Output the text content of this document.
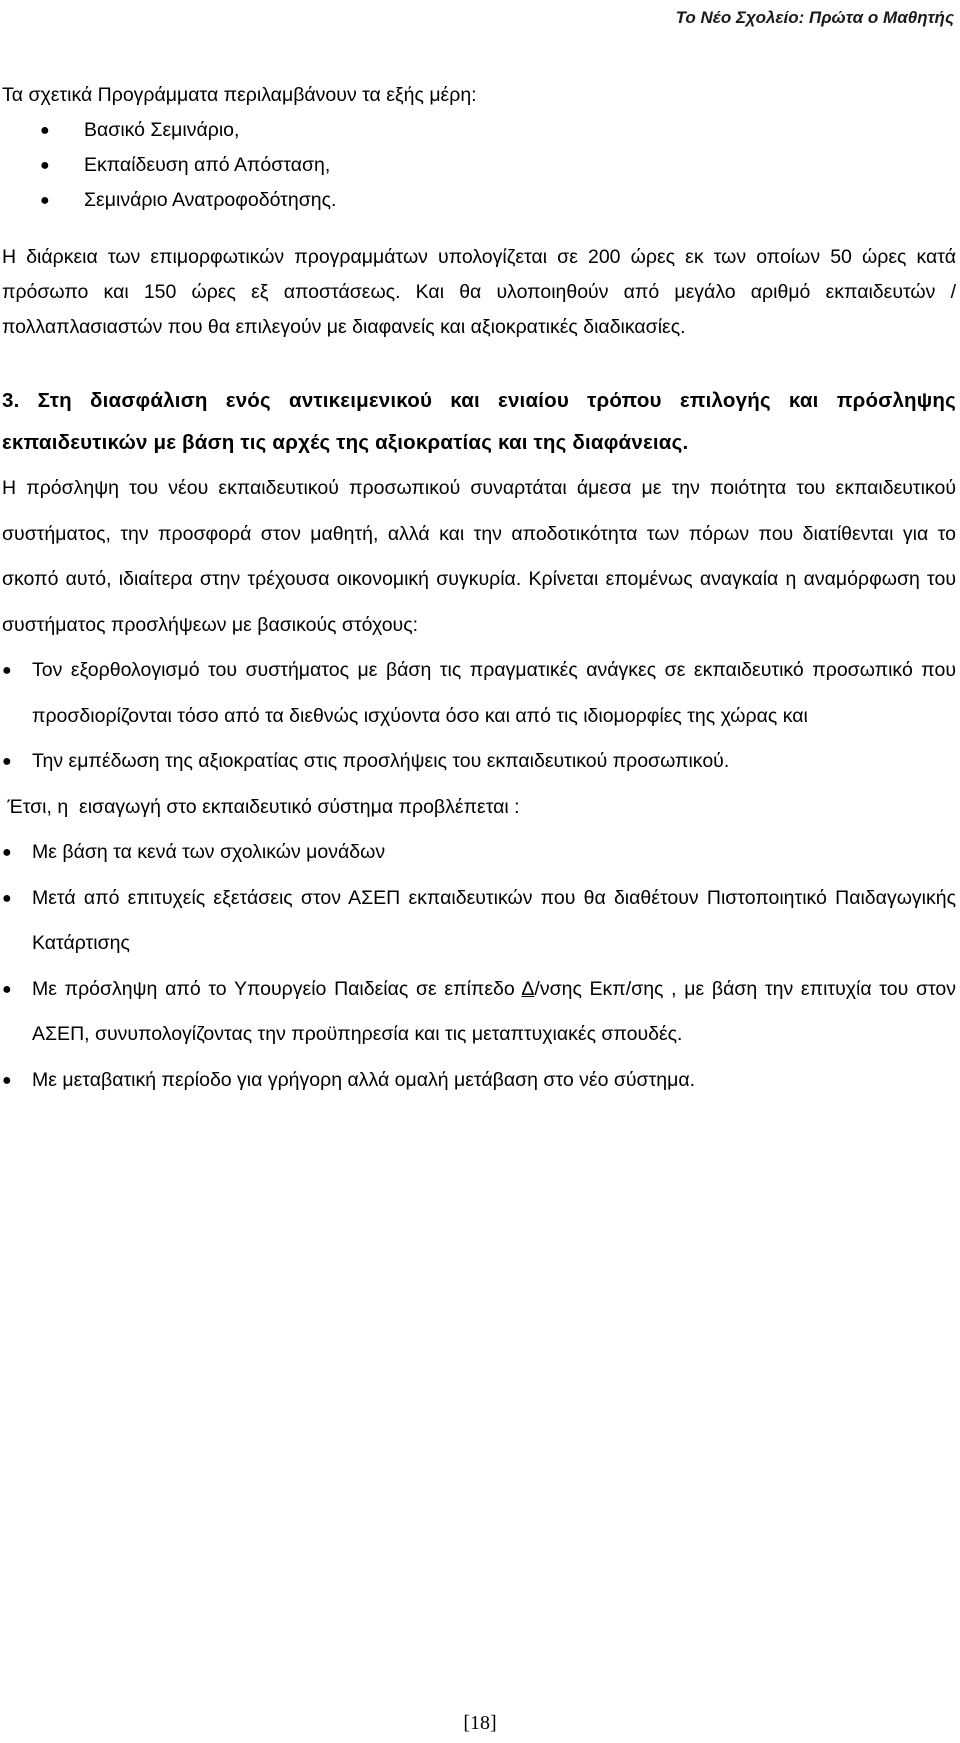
Το Νέο Σχολείο: Πρώτα ο Μαθητής

Τα σχετικά Προγράμματα περιλαμβάνουν τα εξής μέρη:

● Βασικό Σεμινάριο,
● Εκπαίδευση από Απόσταση,
● Σεμινάριο Ανατροφοδότησης.

Η διάρκεια των επιμορφωτικών προγραμμάτων υπολογίζεται σε 200 ώρες εκ των οποίων 50 ώρες κατά πρόσωπο και 150 ώρες εξ αποστάσεως. Και θα υλοποιηθούν από μεγάλο αριθμό εκπαιδευτών / πολλαπλασιαστών που θα επιλεγούν με διαφανείς και αξιοκρατικές διαδικασίες.

3. Στη διασφάλιση ενός αντικειμενικού και ενιαίου τρόπου επιλογής και πρόσληψης εκπαιδευτικών με βάση τις αρχές της αξιοκρατίας και της διαφάνειας.

Η πρόσληψη του νέου εκπαιδευτικού προσωπικού συναρτάται άμεσα με την ποιότητα του εκπαιδευτικού συστήματος, την προσφορά στον μαθητή, αλλά και την αποδοτικότητα των πόρων που διατίθενται για το σκοπό αυτό, ιδιαίτερα στην τρέχουσα οικονομική συγκυρία. Κρίνεται επομένως αναγκαία η αναμόρφωση του συστήματος προσλήψεων με βασικούς στόχους:

● Τον εξορθολογισμό του συστήματος με βάση τις πραγματικές ανάγκες σε εκπαιδευτικό προσωπικό που προσδιορίζονται τόσο από τα διεθνώς ισχύοντα όσο και από τις ιδιομορφίες της χώρας και
● Την εμπέδωση της αξιοκρατίας στις προσλήψεις του εκπαιδευτικού προσωπικού.

Έτσι, η  εισαγωγή στο εκπαιδευτικό σύστημα προβλέπεται :

● Με βάση τα κενά των σχολικών μονάδων
● Μετά από επιτυχείς εξετάσεις στον ΑΣΕΠ εκπαιδευτικών που θα διαθέτουν Πιστοποιητικό Παιδαγωγικής Κατάρτισης
● Με πρόσληψη από το Υπουργείο Παιδείας σε επίπεδο Δ/νσης Εκπ/σης , με βάση την επιτυχία του στον ΑΣΕΠ, συνυπολογίζοντας την προϋπηρεσία και τις μεταπτυχιακές σπουδές.
● Με μεταβατική περίοδο για γρήγορη αλλά ομαλή μετάβαση στο νέο σύστημα.
[18]
